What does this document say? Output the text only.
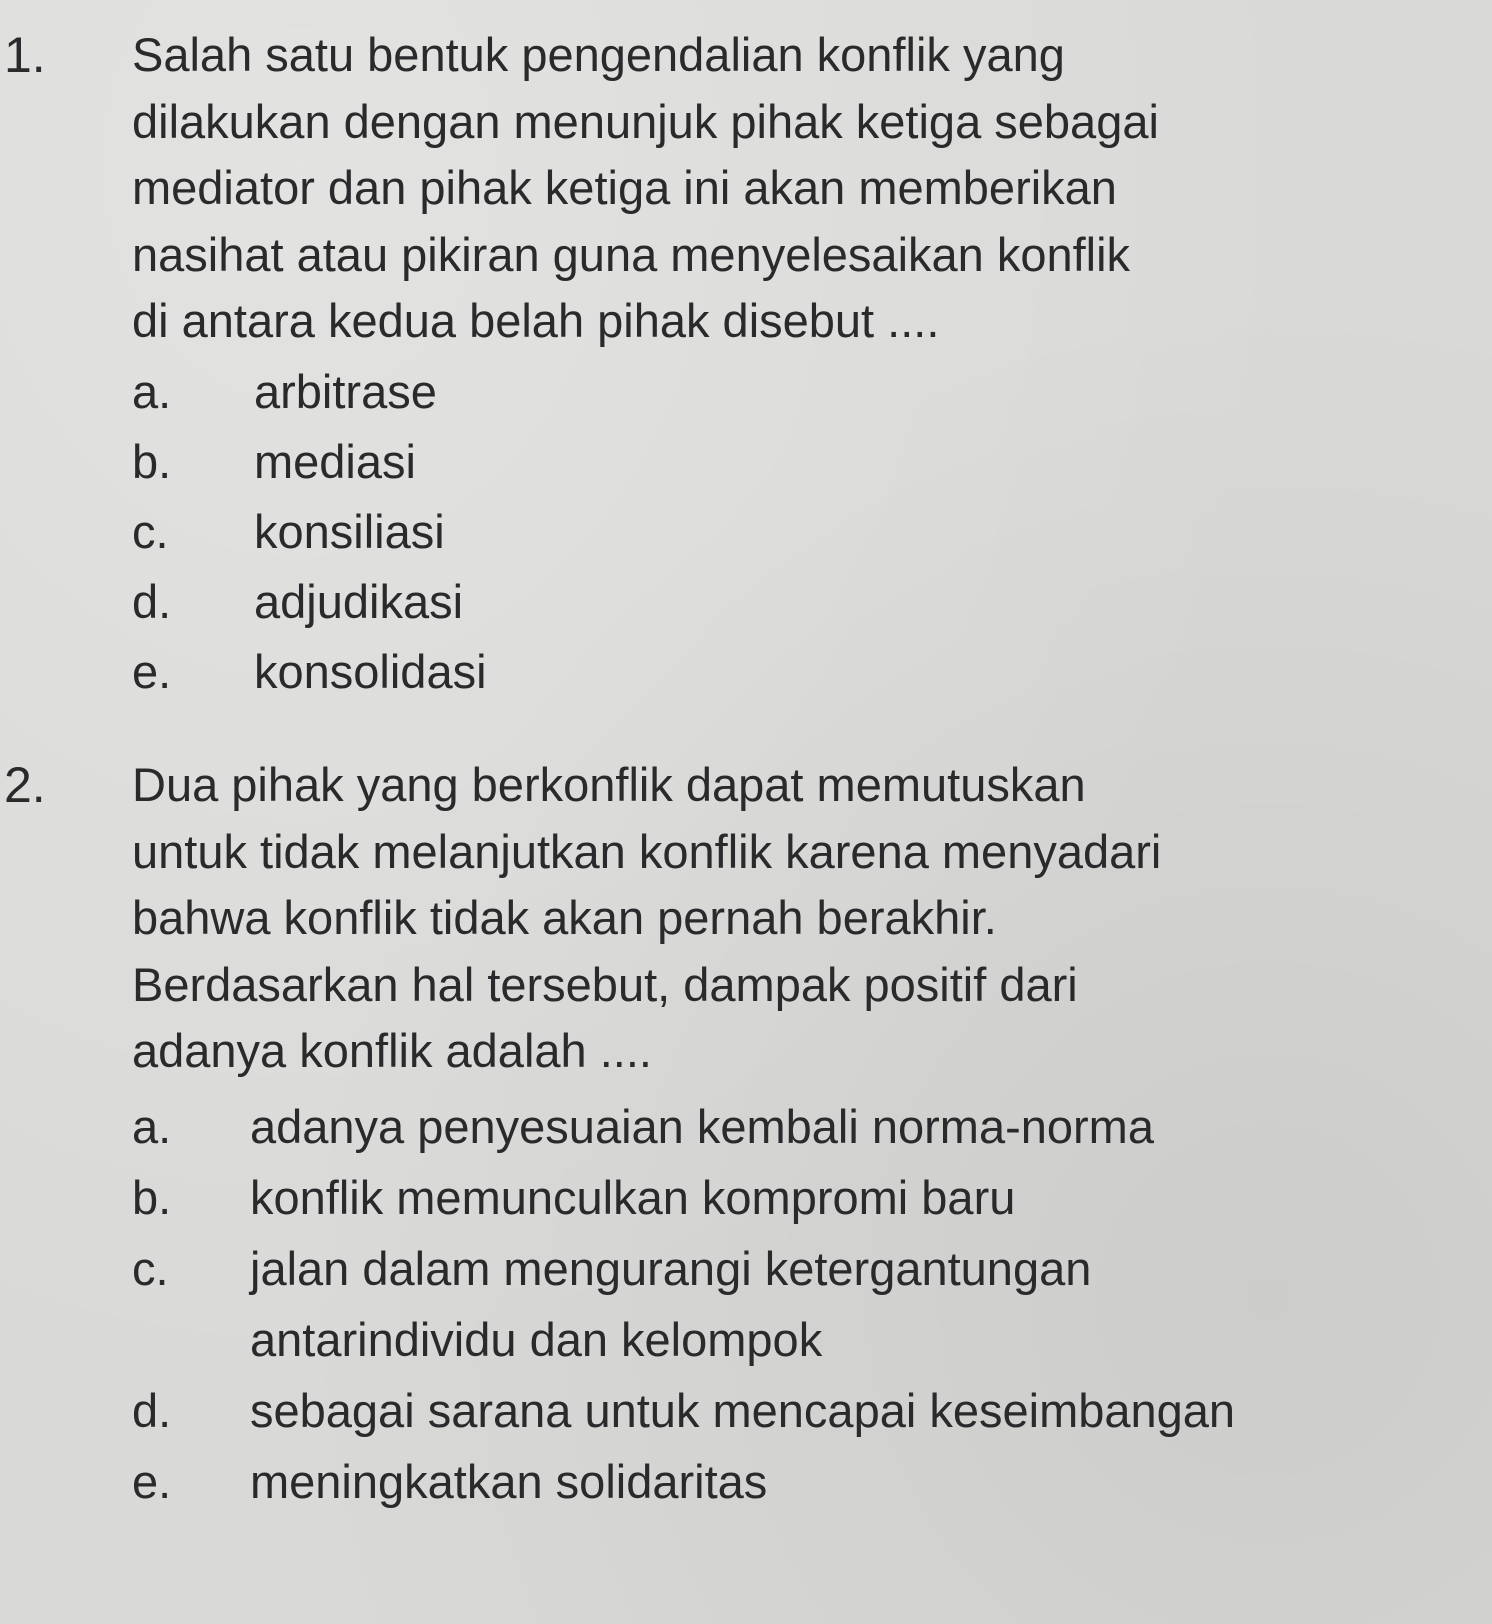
1. Salah satu bentuk pengendalian konflik yang
dilakukan dengan menunjuk pihak ketiga sebagai
mediator dan pihak ketiga ini akan memberikan
nasihat atau pikiran guna menyelesaikan konflik
di antara kedua belah pihak disebut ....
a. arbitrase
b. mediasi
c. konsiliasi
d. adjudikasi
e. konsolidasi
2. Dua pihak yang berkonflik dapat memutuskan
untuk tidak melanjutkan konflik karena menyadari
bahwa konflik tidak akan pernah berakhir.
Berdasarkan hal tersebut, dampak positif dari
adanya konflik adalah ....
a. adanya penyesuaian kembali norma-norma
b. konflik memunculkan kompromi baru
c. jalan dalam mengurangi ketergantungan
antarindividu dan kelompok
d. sebagai sarana untuk mencapai keseimbangan
e. meningkatkan solidaritas
